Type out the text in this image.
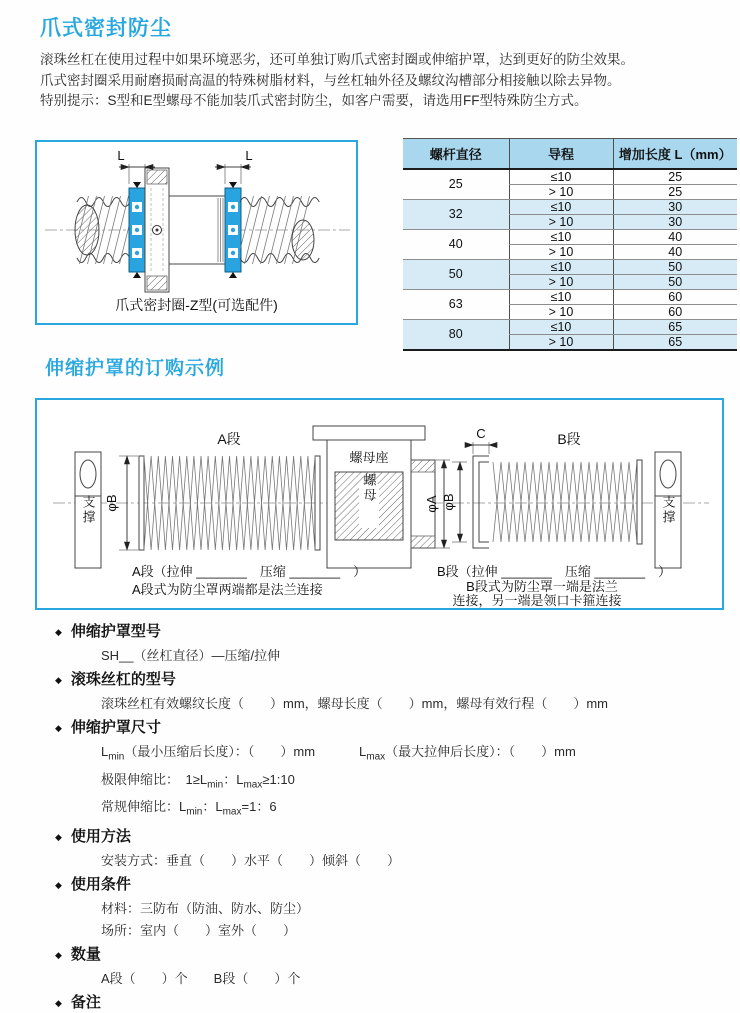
爪式密封防尘
滚珠丝杠在使用过程中如果环境恶劣，还可单独订购爪式密封圈或伸缩护罩，达到更好的防尘效果。
爪式密封圈采用耐磨损耐高温的特殊树脂材料，与丝杠轴外径及螺纹沟槽部分相接触以除去异物。
特别提示：S型和E型螺母不能加装爪式密封防尘，如客户需要，请选用FF型特殊防尘方式。
L	L
爪式密封圈-Z型(可选配件)
螺杆直径	导程	增加长度 L（mm）
25	≤10	25
	> 10	25
32	≤10	30
	> 10	30
40	≤10	40
	> 10	40
50	≤10	50
	> 10	50
63	≤10	60
	> 10	60
80	≤10	65
	> 10	65
伸缩护罩的订购示例
支撑 φB
A段
螺母座
螺母
φA φB
C	B段
支撑
A段（拉伸 _______　压缩 _______　）
A段式为防尘罩两端都是法兰连接
B段（拉伸 _______　压缩 _______　）
B段式为防尘罩一端是法兰
连接，另一端是领口卡箍连接
◆ 伸缩护罩型号
SH__（丝杠直径）—压缩/拉伸
◆ 滚珠丝杠的型号
滚珠丝杠有效螺纹长度（　　）mm，螺母长度（　　）mm，螺母有效行程（　　）mm
◆ 伸缩护罩尺寸
$L_{min}$（最小压缩后长度）：（　　）mm	$L_{max}$（最大拉伸后长度）：（　　）mm
极限伸缩比：　$1\ge L_{min}$：$L_{max}\ge 1:10$
常规伸缩比：$L_{min}$：$L_{max}=1$：6
◆ 使用方法
安装方式：垂直（　　）水平（　　）倾斜（　　）
◆ 使用条件
材料：三防布（防油、防水、防尘）
场所：室内（　　）室外（　　）
◆ 数量
A段（　　）个　　B段（　　）个
◆ 备注
